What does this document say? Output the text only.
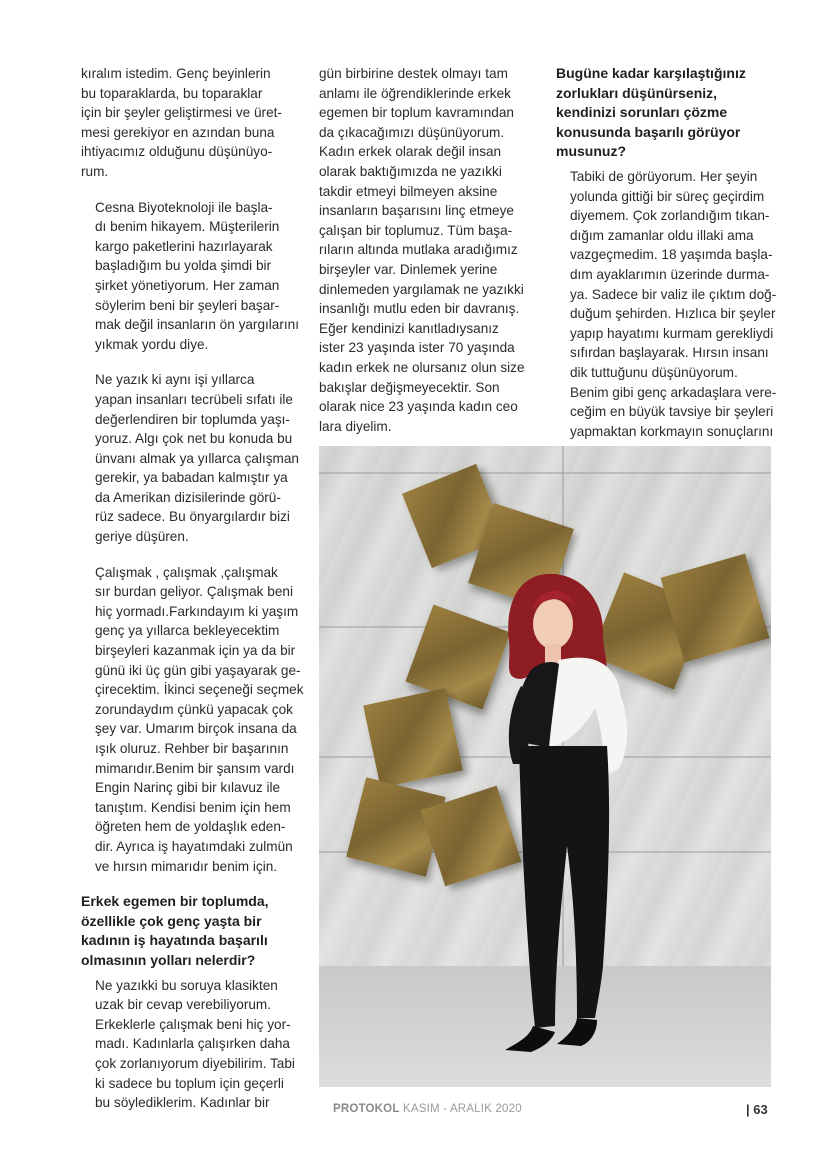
kıralım istedim. Genç beyinlerin
bu toparaklarda, bu toparaklar
için bir şeyler geliştirmesi ve üret-
mesi gerekiyor en azından buna
ihtiyacımız olduğunu düşünüyo-
rum.

Cesna Biyoteknoloji ile başla-
dı benim hikayem. Müşterilerin
kargo paketlerini hazırlayarak
başladığım bu yolda şimdi bir
şirket yönetiyorum. Her zaman
söylerim beni bir şeyleri başar-
mak değil insanların ön yargılarını
yıkmak yordu diye.

Ne yazık ki aynı işi yıllarca
yapan insanları tecrübeli sıfatı ile
değerlendiren bir toplumda yaşı-
yoruz. Algı çok net bu konuda bu
ünvanı almak ya yıllarca çalışman
gerekir, ya babadan kalmıştır ya
da Amerikan dizisilerinde görü-
rüz sadece. Bu önyargılardır bizi
geriye düşüren.

Çalışmak , çalışmak ,çalışmak
sır burdan geliyor. Çalışmak beni
hiç yormadı.Farkındayım ki yaşım
genç ya yıllarca bekleyecektim
birşeyleri kazanmak için ya da bir
günü iki üç gün gibi yaşayarak ge-
çirecektim. İkinci seçeneği seçmek
zorundaydım çünkü yapacak çok
şey var. Umarım birçok insana da
ışık oluruz. Rehber bir başarının
mimarıdır.Benim bir şansım vardı
Engin Narinç gibi bir kılavuz ile
tanıştım. Kendisi benim için hem
öğreten hem de yoldaşlık eden-
dir. Ayrıca iş hayatımdaki zulmün
ve hırsın mimarıdır benim için.

Erkek egemen bir toplumda,
özellikle çok genç yaşta bir
kadının iş hayatında başarılı
olmasının yolları nelerdir?

Ne yazıkki bu soruya klasikten
uzak bir cevap verebiliyorum.
Erkeklerle çalışmak beni hiç yor-
madı. Kadınlarla çalışırken daha
çok zorlanıyorum diyebilirim. Tabi
ki sadece bu toplum için geçerli
bu söylediklerim. Kadınlar bir

gün birbirine destek olmayı tam
anlamı ile öğrendiklerinde erkek
egemen bir toplum kavramından
da çıkacağımızı düşünüyorum.
Kadın erkek olarak değil insan
olarak baktığımızda ne yazıkki
takdir etmeyi bilmeyen aksine
insanların başarısını linç etmeye
çalışan bir toplumuz. Tüm başa-
rıların altında mutlaka aradığımız
birşeyler var. Dinlemek yerine
dinlemeden yargılamak ne yazıkki
insanlığı mutlu eden bir davranış.
Eğer kendinizi kanıtladıysanız
ister 23 yaşında ister 70 yaşında
kadın erkek ne olursanız olun size
bakışlar değişmeyecektir. Son
olarak nice 23 yaşında kadın ceo
lara diyelim.

Bugüne kadar karşılaştığınız
zorlukları düşünürseniz,
kendinizi sorunları çözme
konusunda başarılı görüyor
musunuz?

Tabiki de görüyorum. Her şeyin
yolunda gittiği bir süreç geçirdim
diyemem. Çok zorlandığım tıkan-
dığım zamanlar oldu illaki ama
vazgeçmedim. 18 yaşımda başla-
dım ayaklarımın üzerinde durma-
ya. Sadece bir valiz ile çıktım doğ-
duğum şehirden. Hızlıca bir şeyler
yapıp hayatımı kurmam gerekliydi
sıfırdan başlayarak. Hırsın insanı
dik tuttuğunu düşünüyorum.
Benim gibi genç arkadaşlara vere-
ceğim en büyük tavsiye bir şeyleri
yapmaktan korkmayın sonuçlarını

PROTOKOL KASIM - ARALIK 2020	| 63
